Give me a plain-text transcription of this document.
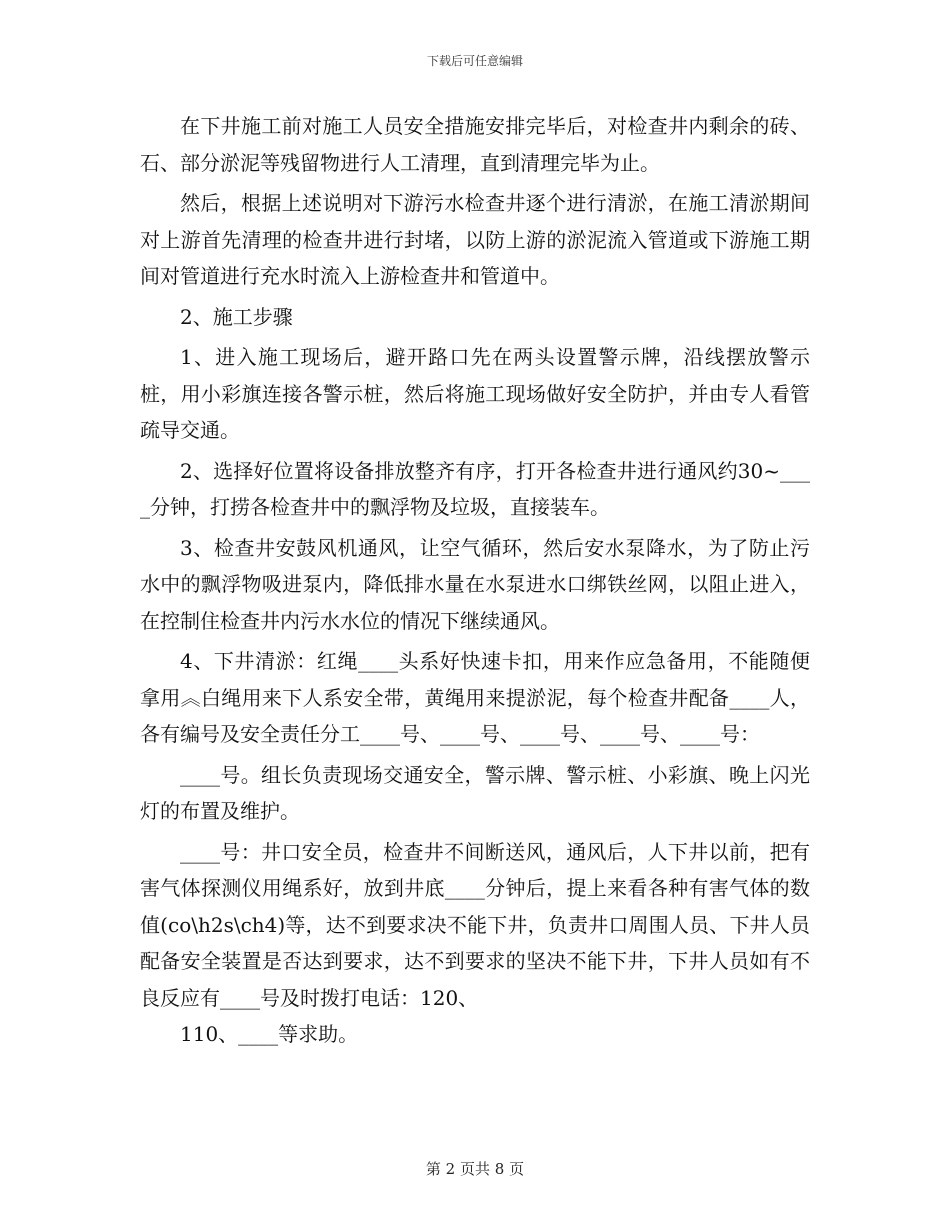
下载后可任意编辑

在下井施工前对施工人员安全措施安排完毕后，对检查井内剩余的砖、石、部分淤泥等残留物进行人工清理，直到清理完毕为止。

然后，根据上述说明对下游污水检查井逐个进行清淤，在施工清淤期间对上游首先清理的检查井进行封堵，以防上游的淤泥流入管道或下游施工期间对管道进行充水时流入上游检查井和管道中。

2、施工步骤

1、进入施工现场后，避开路口先在两头设置警示牌，沿线摆放警示桩，用小彩旗连接各警示桩，然后将施工现场做好安全防护，并由专人看管疏导交通。

2、选择好位置将设备排放整齐有序，打开各检查井进行通风约30~____分钟，打捞各检查井中的飘浮物及垃圾，直接装车。

3、检查井安鼓风机通风，让空气循环，然后安水泵降水，为了防止污水中的飘浮物吸进泵内，降低排水量在水泵进水口绑铁丝网，以阻止进入，在控制住检查井内污水水位的情况下继续通风。

4、下井清淤：红绳____头系好快速卡扣，用来作应急备用，不能随便拿用︽白绳用来下人系安全带，黄绳用来提淤泥，每个检查井配备____人，各有编号及安全责任分工____号、____号、____号、____号、____号：

____号。组长负责现场交通安全，警示牌、警示桩、小彩旗、晚上闪光灯的布置及维护。

____号：井口安全员，检查井不间断送风，通风后，人下井以前，把有害气体探测仪用绳系好，放到井底____分钟后，提上来看各种有害气体的数值(co\h2s\ch4)等，达不到要求决不能下井，负责井口周围人员、下井人员配备安全装置是否达到要求，达不到要求的坚决不能下井，下井人员如有不良反应有____号及时拨打电话：120、

110、____等求助。

第 2 页共 8 页
